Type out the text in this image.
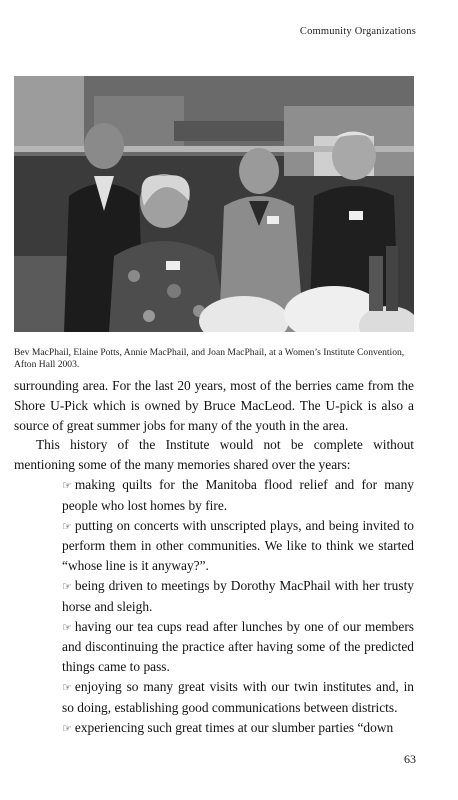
Community Organizations
Bev MacPhail, Elaine Potts, Annie MacPhail, and Joan MacPhail, at a Women’s Institute Convention, Afton Hall 2003.

surrounding area. For the last 20 years, most of the berries came from the Shore U-Pick which is owned by Bruce MacLeod. The U-pick is also a source of great summer jobs for many of the youth in the area.

This history of the Institute would not be complete without mentioning some of the many memories shared over the years:

☞ making quilts for the Manitoba flood relief and for many people who lost homes by fire.
☞ putting on concerts with unscripted plays, and being invited to perform them in other communities. We like to think we started “whose line is it anyway?”.
☞ being driven to meetings by Dorothy MacPhail with her trusty horse and sleigh.
☞ having our tea cups read after lunches by one of our members and discontinuing the practice after having some of the predicted things came to pass.
☞ enjoying so many great visits with our twin institutes and, in so doing, establishing good communications between districts.
☞ experiencing such great times at our slumber parties “down
63
